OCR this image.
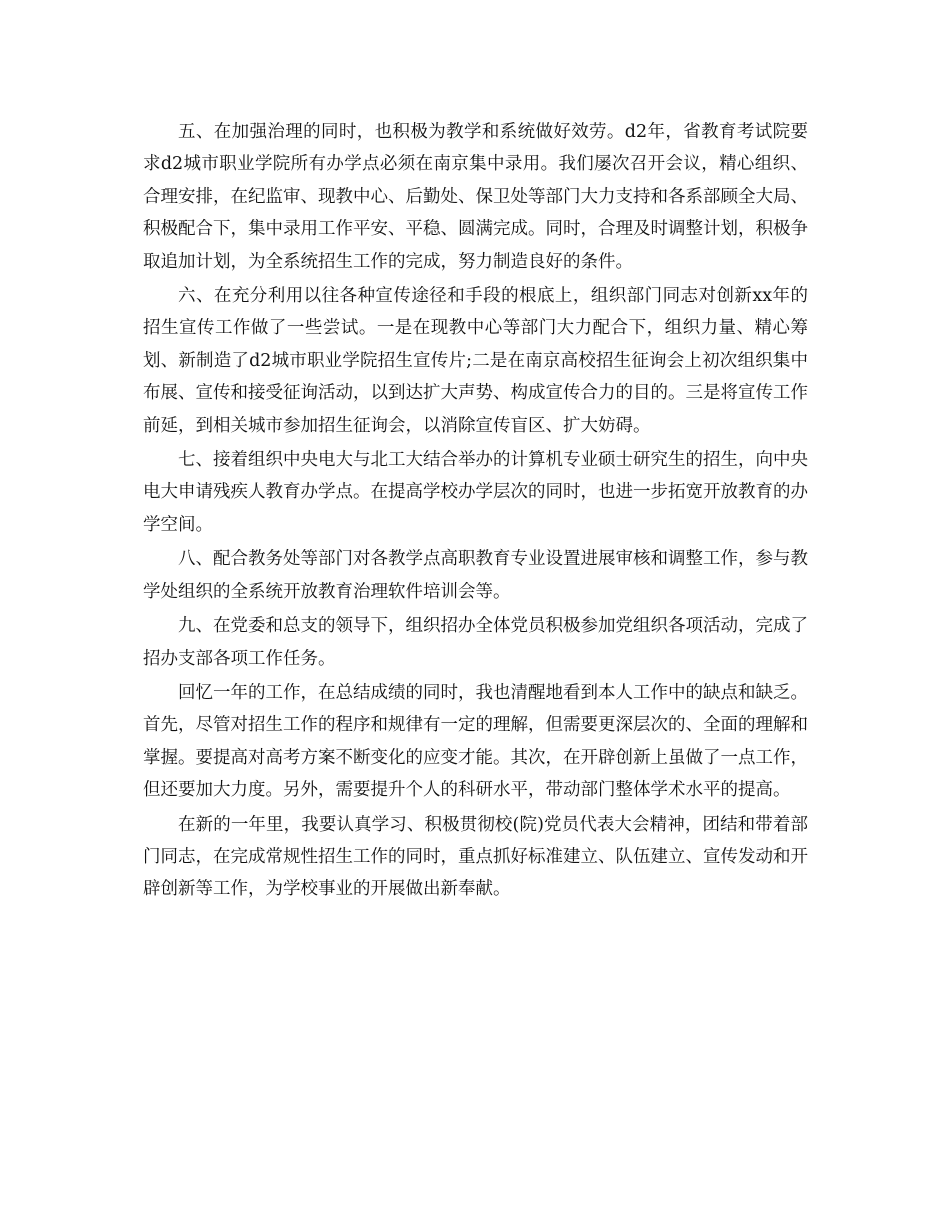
五、在加强治理的同时，也积极为教学和系统做好效劳。d2年，省教育考试院要求d2城市职业学院所有办学点必须在南京集中录用。我们屡次召开会议，精心组织、合理安排，在纪监审、现教中心、后勤处、保卫处等部门大力支持和各系部顾全大局、积极配合下，集中录用工作平安、平稳、圆满完成。同时，合理及时调整计划，积极争取追加计划，为全系统招生工作的完成，努力制造良好的条件。

六、在充分利用以往各种宣传途径和手段的根底上，组织部门同志对创新xx年的招生宣传工作做了一些尝试。一是在现教中心等部门大力配合下，组织力量、精心筹划、新制造了d2城市职业学院招生宣传片;二是在南京高校招生征询会上初次组织集中布展、宣传和接受征询活动，以到达扩大声势、构成宣传合力的目的。三是将宣传工作前延，到相关城市参加招生征询会，以消除宣传盲区、扩大妨碍。

七、接着组织中央电大与北工大结合举办的计算机专业硕士研究生的招生，向中央电大申请残疾人教育办学点。在提高学校办学层次的同时，也进一步拓宽开放教育的办学空间。

八、配合教务处等部门对各教学点高职教育专业设置进展审核和调整工作，参与教学处组织的全系统开放教育治理软件培训会等。

九、在党委和总支的领导下，组织招办全体党员积极参加党组织各项活动，完成了招办支部各项工作任务。

回忆一年的工作，在总结成绩的同时，我也清醒地看到本人工作中的缺点和缺乏。首先，尽管对招生工作的程序和规律有一定的理解，但需要更深层次的、全面的理解和掌握。要提高对高考方案不断变化的应变才能。其次，在开辟创新上虽做了一点工作，但还要加大力度。另外，需要提升个人的科研水平，带动部门整体学术水平的提高。

在新的一年里，我要认真学习、积极贯彻校(院)党员代表大会精神，团结和带着部门同志，在完成常规性招生工作的同时，重点抓好标准建立、队伍建立、宣传发动和开辟创新等工作，为学校事业的开展做出新奉献。
